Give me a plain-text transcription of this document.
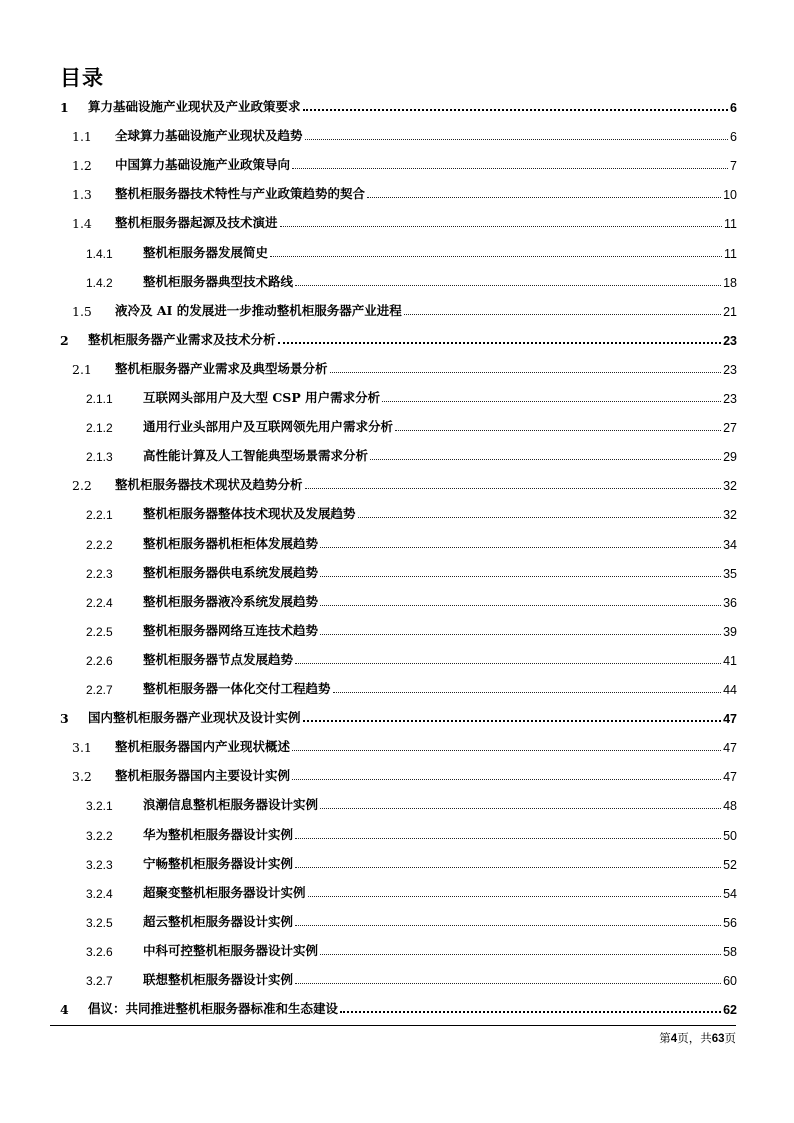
目录
1	算力基础设施产业现状及产业政策要求	6
1.1	全球算力基础设施产业现状及趋势	6
1.2	中国算力基础设施产业政策导向	7
1.3	整机柜服务器技术特性与产业政策趋势的契合	10
1.4	整机柜服务器起源及技术演进	11
1.4.1	整机柜服务器发展简史	11
1.4.2	整机柜服务器典型技术路线	18
1.5	液冷及 AI 的发展进一步推动整机柜服务器产业进程	21
2	整机柜服务器产业需求及技术分析	23
2.1	整机柜服务器产业需求及典型场景分析	23
2.1.1	互联网头部用户及大型 CSP 用户需求分析	23
2.1.2	通用行业头部用户及互联网领先用户需求分析	27
2.1.3	高性能计算及人工智能典型场景需求分析	29
2.2	整机柜服务器技术现状及趋势分析	32
2.2.1	整机柜服务器整体技术现状及发展趋势	32
2.2.2	整机柜服务器机柜柜体发展趋势	34
2.2.3	整机柜服务器供电系统发展趋势	35
2.2.4	整机柜服务器液冷系统发展趋势	36
2.2.5	整机柜服务器网络互连技术趋势	39
2.2.6	整机柜服务器节点发展趋势	41
2.2.7	整机柜服务器一体化交付工程趋势	44
3	国内整机柜服务器产业现状及设计实例	47
3.1	整机柜服务器国内产业现状概述	47
3.2	整机柜服务器国内主要设计实例	47
3.2.1	浪潮信息整机柜服务器设计实例	48
3.2.2	华为整机柜服务器设计实例	50
3.2.3	宁畅整机柜服务器设计实例	52
3.2.4	超聚变整机柜服务器设计实例	54
3.2.5	超云整机柜服务器设计实例	56
3.2.6	中科可控整机柜服务器设计实例	58
3.2.7	联想整机柜服务器设计实例	60
4	倡议：共同推进整机柜服务器标准和生态建设	62
第4页，共63页
